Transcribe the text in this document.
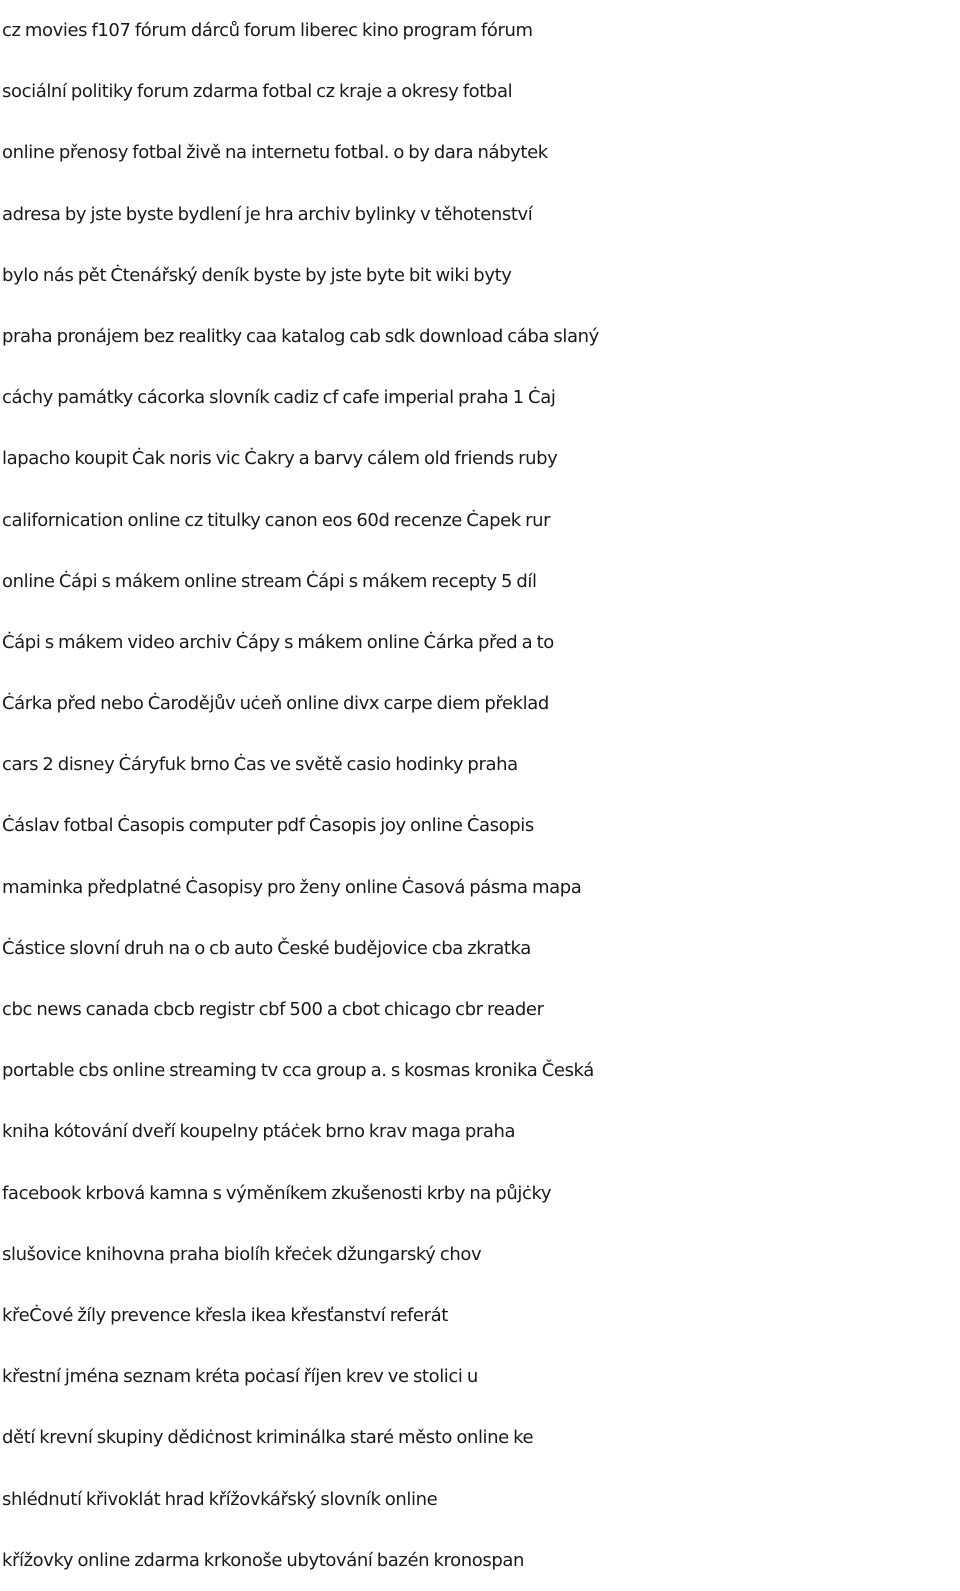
cz movies f107 fórum dárců forum liberec kino program fórum
sociální politiky forum zdarma fotbal cz kraje a okresy fotbal
online přenosy fotbal živě na internetu fotbal. o by dara nábytek
adresa by jste byste bydlení je hra archiv bylinky v těhotenství
bylo nás pět Ċtenářský deník byste by jste byte bit wiki byty
praha pronájem bez realitky caa katalog cab sdk download cába slaný
cáchy památky cácorka slovník cadiz cf cafe imperial praha 1 Ċaj
lapacho koupit Ċak noris vic Ċakry a barvy cálem old friends ruby
californication online cz titulky canon eos 60d recenze Ċapek rur
online Ċápi s mákem online stream Ċápi s mákem recepty 5 díl
Ċápi s mákem video archiv Ċápy s mákem online Ċárka před a to
Ċárka před nebo Ċarodějův uċeň online divx carpe diem překlad
cars 2 disney Ċáryfuk brno Ċas ve světě casio hodinky praha
Ċáslav fotbal Ċasopis computer pdf Ċasopis joy online Ċasopis
maminka předplatné Ċasopisy pro ženy online Ċasová pásma mapa
Ċástice slovní druh na o cb auto České budějovice cba zkratka
cbc news canada cbcb registr cbf 500 a cbot chicago cbr reader
portable cbs online streaming tv cca group a. s kosmas kronika Česká
kniha kótování dveří koupelny ptáċek brno krav maga praha
facebook krbová kamna s výměníkem zkušenosti krby na půjċky
slušovice knihovna praha biolíh křeċek džungarský chov
křeĊové žíly prevence křesla ikea křesťanství referát
křestní jména seznam kréta poċasí říjen krev ve stolici u
dětí krevní skupiny dědiċnost kriminálka staré město online ke
shlédnutí křivoklát hrad křížovkářský slovník online
křížovky online zdarma krkonoše ubytování bazén kronospan
